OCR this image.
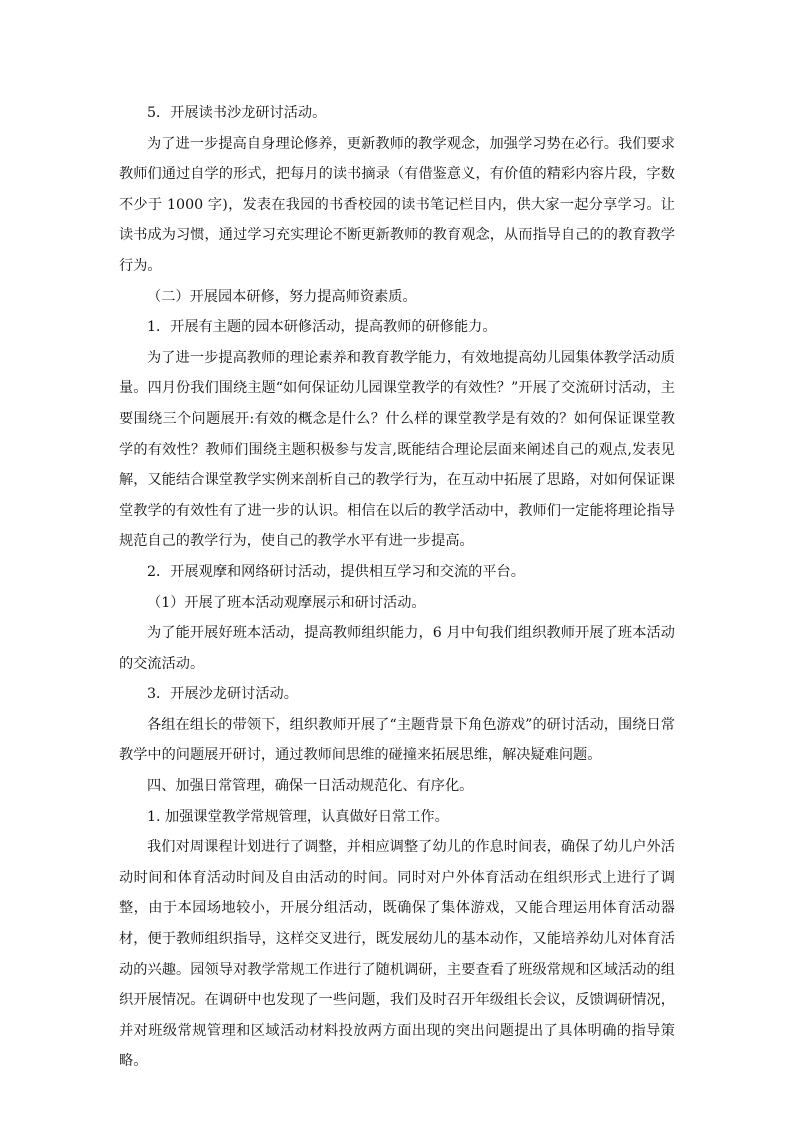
5．开展读书沙龙研讨活动。

为了进一步提高自身理论修养，更新教师的教学观念，加强学习势在必行。我们要求教师们通过自学的形式，把每月的读书摘录（有借鉴意义，有价值的精彩内容片段，字数不少于 1000 字)，发表在我园的书香校园的读书笔记栏目内，供大家一起分享学习。让读书成为习惯，通过学习充实理论不断更新教师的教育观念，从而指导自己的的教育教学行为。

（二）开展园本研修，努力提高师资素质。

1．开展有主题的园本研修活动，提高教师的研修能力。

为了进一步提高教师的理论素养和教育教学能力，有效地提高幼儿园集体教学活动质量。四月份我们围绕主题“如何保证幼儿园课堂教学的有效性？”开展了交流研讨活动，主要围绕三个问题展开:有效的概念是什么？什么样的课堂教学是有效的？如何保证课堂教学的有效性？教师们围绕主题积极参与发言,既能结合理论层面来阐述自己的观点,发表见解，又能结合课堂教学实例来剖析自己的教学行为，在互动中拓展了思路，对如何保证课堂教学的有效性有了进一步的认识。相信在以后的教学活动中，教师们一定能将理论指导规范自己的教学行为，使自己的教学水平有进一步提高。

2．开展观摩和网络研讨活动，提供相互学习和交流的平台。

（1）开展了班本活动观摩展示和研讨活动。

为了能开展好班本活动，提高教师组织能力，6 月中旬我们组织教师开展了班本活动的交流活动。

3．开展沙龙研讨活动。

各组在组长的带领下，组织教师开展了“主题背景下角色游戏”的研讨活动，围绕日常教学中的问题展开研讨，通过教师间思维的碰撞来拓展思维，解决疑难问题。

四、加强日常管理，确保一日活动规范化、有序化。

1. 加强课堂教学常规管理，认真做好日常工作。

我们对周课程计划进行了调整，并相应调整了幼儿的作息时间表，确保了幼儿户外活动时间和体育活动时间及自由活动的时间。同时对户外体育活动在组织形式上进行了调整，由于本园场地较小，开展分组活动，既确保了集体游戏，又能合理运用体育活动器材，便于教师组织指导，这样交叉进行，既发展幼儿的基本动作，又能培养幼儿对体育活动的兴趣。园领导对教学常规工作进行了随机调研，主要查看了班级常规和区域活动的组织开展情况。在调研中也发现了一些问题，我们及时召开年级组长会议，反馈调研情况，并对班级常规管理和区域活动材料投放两方面出现的突出问题提出了具体明确的指导策略。
